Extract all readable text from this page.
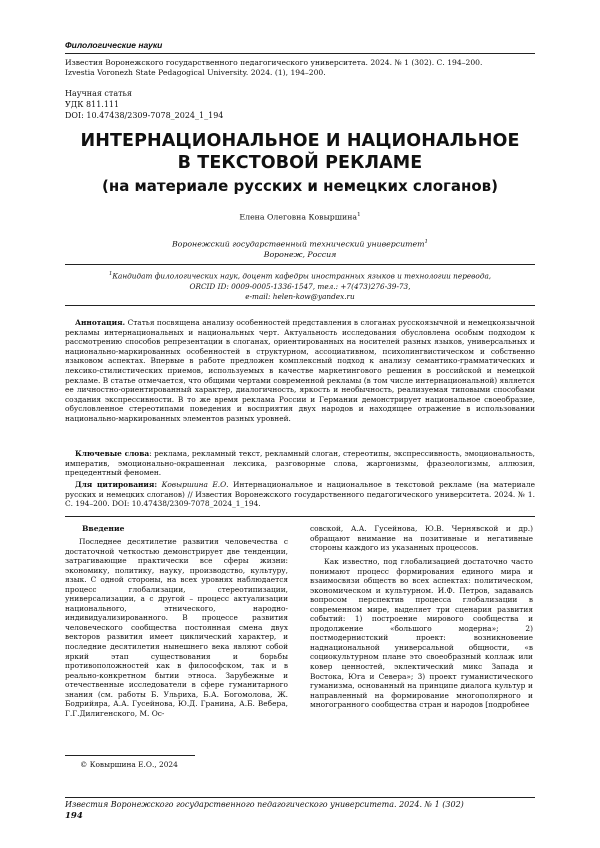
Филологические науки
Известия Воронежского государственного педагогического университета. 2024. № 1 (302). С. 194–200.
Izvestia Voronezh State Pedagogical University. 2024. (1), 194–200.
Научная статья
УДК 811.111
DOI: 10.47438/2309-7078_2024_1_194
ИНТЕРНАЦИОНАЛЬНОЕ И НАЦИОНАЛЬНОЕ
В ТЕКСТОВОЙ РЕКЛАМЕ
(на материале русских и немецких слоганов)
Елена Олеговна Ковыршина$^1$
Воронежский государственный технический университет$^1$
Воронеж, Россия
$^1$Кандидат филологических наук, доцент кафедры иностранных языков и технологии перевода,
ORCID ID: 0009-0005-1336-1547, тел.: +7(473)276-39-73,
e-mail: helen-kow@yandex.ru
Аннотация. Статья посвящена анализу особенностей представления в слоганах русскоязычной и немецкоязычной рекламы интернациональных и национальных черт. Актуальность исследования обусловлена особым подходом к рассмотрению способов репрезентации в слоганах, ориентированных на носителей разных языков, универсальных и национально-маркированных особенностей в структурном, ассоциативном, психолингвистическом и собственно языковом аспектах. Впервые в работе предложен комплексный подход к анализу семантико-грамматических и лексико-стилистических приемов, используемых в качестве маркетингового решения в российской и немецкой рекламе. В статье отмечается, что общими чертами современной рекламы (в том числе интернациональной) является ее личностно-ориентированный характер, диалогичность, яркость и необычность, реализуемая типовыми способами создания экспрессивности. В то же время реклама России и Германии демонстрирует национальное своеобразие, обусловленное стереотипами поведения и восприятия двух народов и находящее отражение в использовании национально-маркированных элементов разных уровней.
Ключевые слова: реклама, рекламный текст, рекламный слоган, стереотипы, экспрессивность, эмоциональность, императив, эмоционально-окрашенная лексика, разговорные слова, жаргонизмы, фразеологизмы, аллюзия, прецедентный феномен.
Для цитирования: Ковыршина Е.О. Интернациональное и национальное в текстовой рекламе (на материале русских и немецких слоганов) // Известия Воронежского государственного педагогического университета. 2024. № 1. С. 194–200. DOI: 10.47438/2309-7078_2024_1_194.
Введение
Последнее десятилетие развития человечества с достаточной четкостью демонстрирует две тенденции, затрагивающие практически все сферы жизни: экономику, политику, науку, производство, культуру, язык. С одной стороны, на всех уровнях наблюдается процесс глобализации, стереотипизации, универсализации, а с другой – процесс актуализации национального, этнического, народно-индивидуализированного. В процессе развития человеческого сообщества постоянная смена двух векторов развития имеет циклический характер, и последние десятилетия нынешнего века являют собой яркий этап существования и борьбы противоположностей как в философском, так и в реально-конкретном бытии этноса. Зарубежные и отечественные исследователи в сфере гуманитарного знания (см. работы Б. Ульриха, Б.А. Богомолова, Ж. Бодрийяра, А.А. Гусейнова, Ю.Д. Гранина, А.Б. Вебера, Г.Г.Дилигенского, М. Ос-
совской, А.А. Гусейнова, Ю.В. Чернявской и др.) обращают внимание на позитивные и негативные стороны каждого из указанных процессов.
Как известно, под глобализацией достаточно часто понимают процесс формирования единого мира и взаимосвязи обществ во всех аспектах: политическом, экономическом и культурном. И.Ф. Петров, задаваясь вопросом перспектив процесса глобализации в современном мире, выделяет три сценария развития событий: 1) построение мирового сообщества и продолжение «большого модерна»; 2) постмодернистский проект: возникновение наднациональной универсальной общности, «в социокультурном плане это своеобразный коллаж или ковер ценностей, эклектический микс Запада и Востока, Юга и Севера»; 3) проект гуманистического гуманизма, основанный на принципе диалога культур и направленный на формирование многополярного и многогранного сообщества стран и народов [подробнее
© Ковыршина Е.О., 2024
Известия Воронежского государственного педагогического университета. 2024. № 1 (302)
194
